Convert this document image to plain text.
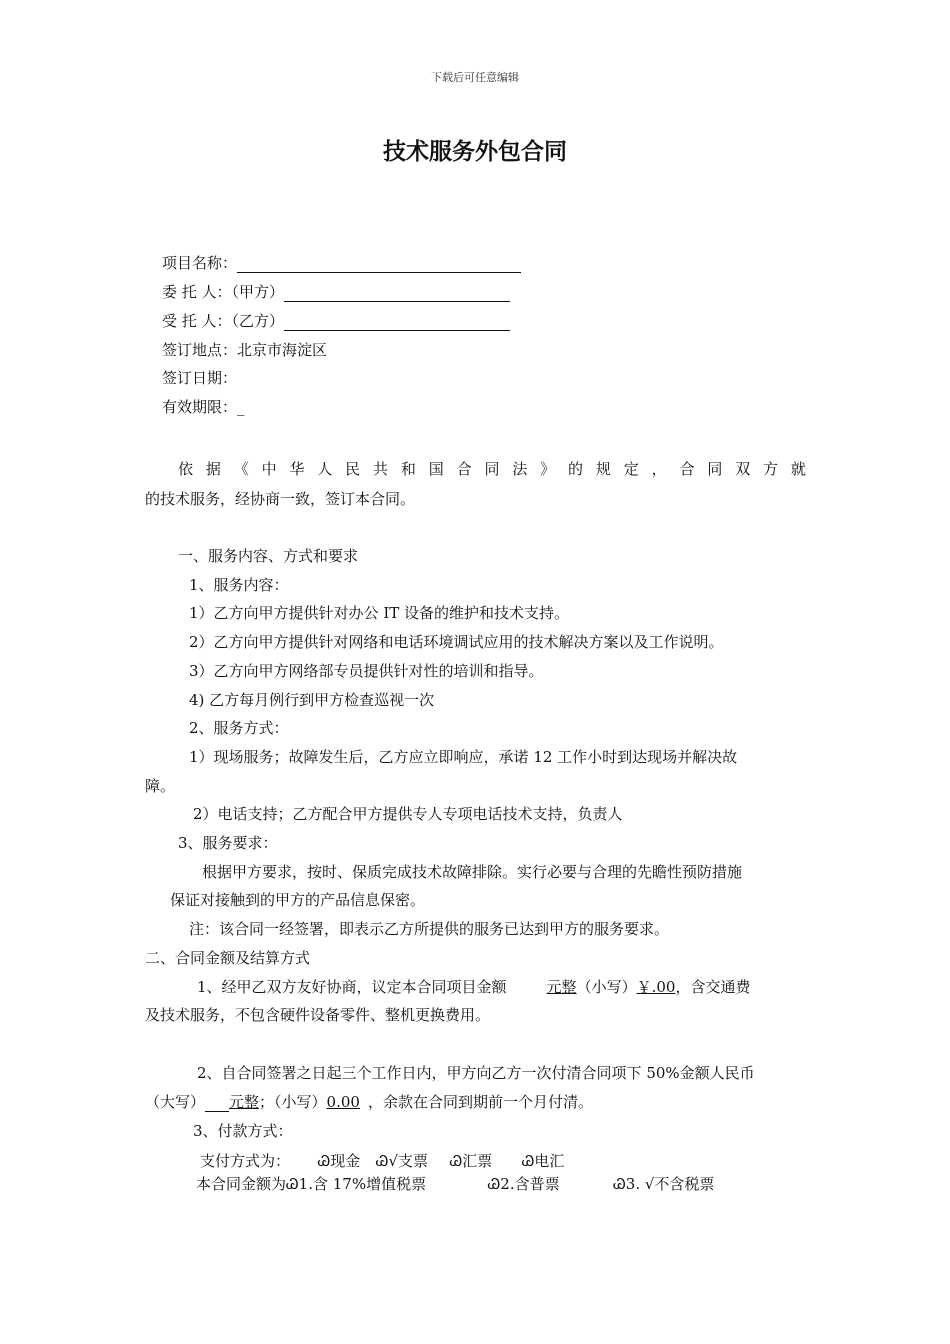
下载后可任意编辑
技术服务外包合同
项目名称：
委 托 人：（甲方）
受 托 人：（乙方）
签订地点：北京市海淀区
签订日期：
有效期限：_
依 据 《 中 华 人 民 共 和 国 合 同 法 》 的 规 定 ， 合 同 双 方 就
的技术服务，经协商一致，签订本合同。
一、服务内容、方式和要求
1、服务内容：
1）乙方向甲方提供针对办公 IT 设备的维护和技术支持。
2）乙方向甲方提供针对网络和电话环境调试应用的技术解决方案以及工作说明。
3）乙方向甲方网络部专员提供针对性的培训和指导。
4) 乙方每月例行到甲方检查巡视一次
2、服务方式：
1）现场服务；故障发生后，乙方应立即响应，承诺 12 工作小时到达现场并解决故
障。
2）电话支持；乙方配合甲方提供专人专项电话技术支持，负责人
3、服务要求：
根据甲方要求，按时、保质完成技术故障排除。实行必要与合理的先瞻性预防措施
保证对接触到的甲方的产品信息保密。
注：该合同一经签署，即表示乙方所提供的服务已达到甲方的服务要求。
二、合同金额及结算方式
1、经甲乙双方友好协商，议定本合同项目金额	元整（小写）￥.00，含交通费
及技术服务，不包含硬件设备零件、整机更换费用。
2、自合同签署之日起三个工作日内，甲方向乙方一次付清合同项下 50%金额人民币
（大写） 元整；（小写）0.00 ，余款在合同到期前一个月付清。
3、付款方式：
支付方式为： Ꮚ现金 Ꮚ√支票 Ꮚ汇票 Ꮚ电汇
本合同金额为Ꮚ1.含 17%增值税票	Ꮚ2.含普票	Ꮚ3. √不含税票
